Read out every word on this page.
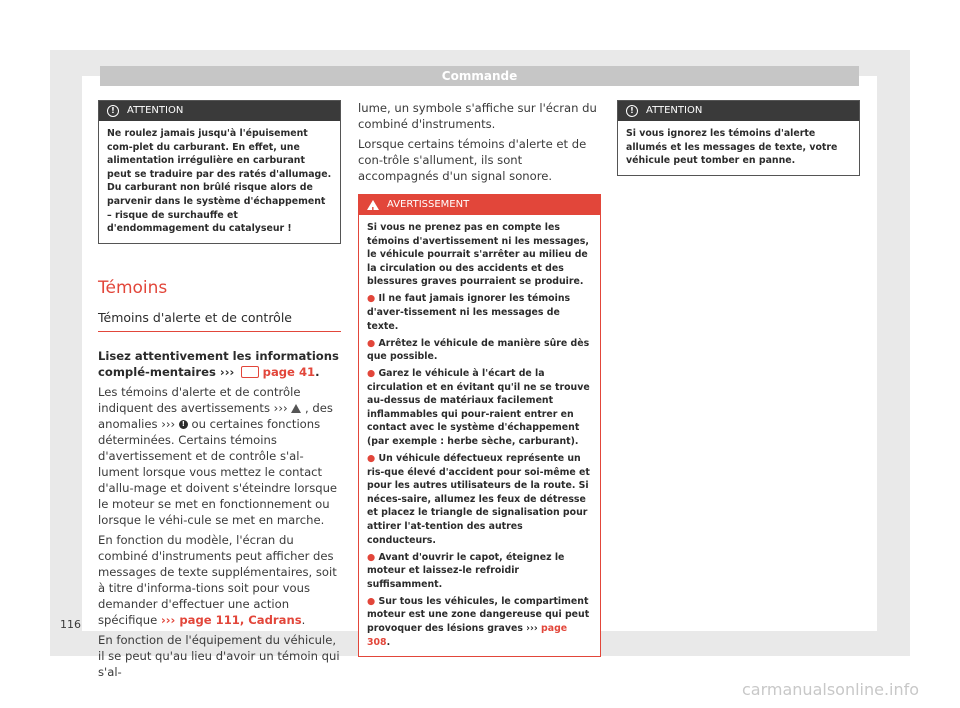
Commande
!	ATTENTION
Ne roulez jamais jusqu'à l'épuisement com-plet du carburant. En effet, une alimentation irrégulière en carburant peut se traduire par des ratés d'allumage. Du carburant non brûlé risque alors de parvenir dans le système d'échappement – risque de surchauffe et d'endommagement du catalyseur !
Témoins
Témoins d'alerte et de contrôle

Lisez attentivement les informations complé-mentaires ››› page 41.

Les témoins d'alerte et de contrôle indiquent des avertissements ››› , des anomalies ››› ! ou certaines fonctions déterminées. Certains témoins d'avertissement et de contrôle s'al-lument lorsque vous mettez le contact d'allu-mage et doivent s'éteindre lorsque le moteur se met en fonctionnement ou lorsque le véhi-cule se met en marche.

En fonction du modèle, l'écran du combiné d'instruments peut afficher des messages de texte supplémentaires, soit à titre d'informa-tions soit pour vous demander d'effectuer une action spécifique ››› page 111, Cadrans.

En fonction de l'équipement du véhicule, il se peut qu'au lieu d'avoir un témoin qui s'al-

lume, un symbole s'affiche sur l'écran du combiné d'instruments.

Lorsque certains témoins d'alerte et de con-trôle s'allument, ils sont accompagnés d'un signal sonore.

!
AVERTISSEMENT

Si vous ne prenez pas en compte les témoins d'avertissement ni les messages, le véhicule pourrait s'arrêter au milieu de la circulation ou des accidents et des blessures graves pourraient se produire.

● Il ne faut jamais ignorer les témoins d'aver-tissement ni les messages de texte.

● Arrêtez le véhicule de manière sûre dès que possible.

● Garez le véhicule à l'écart de la circulation et en évitant qu'il ne se trouve au-dessus de matériaux facilement inflammables qui pour-raient entrer en contact avec le système d'échappement (par exemple : herbe sèche, carburant).

● Un véhicule défectueux représente un ris-que élevé d'accident pour soi-même et pour les autres utilisateurs de la route. Si néces-saire, allumez les feux de détresse et placez le triangle de signalisation pour attirer l'at-tention des autres conducteurs.

● Avant d'ouvrir le capot, éteignez le moteur et laissez-le refroidir suffisamment.

● Sur tous les véhicules, le compartiment moteur est une zone dangereuse qui peut provoquer des lésions graves ››› page 308.

!	ATTENTION
Si vous ignorez les témoins d'alerte allumés et les messages de texte, votre véhicule peut tomber en panne.
116
carmanualsonline.info
